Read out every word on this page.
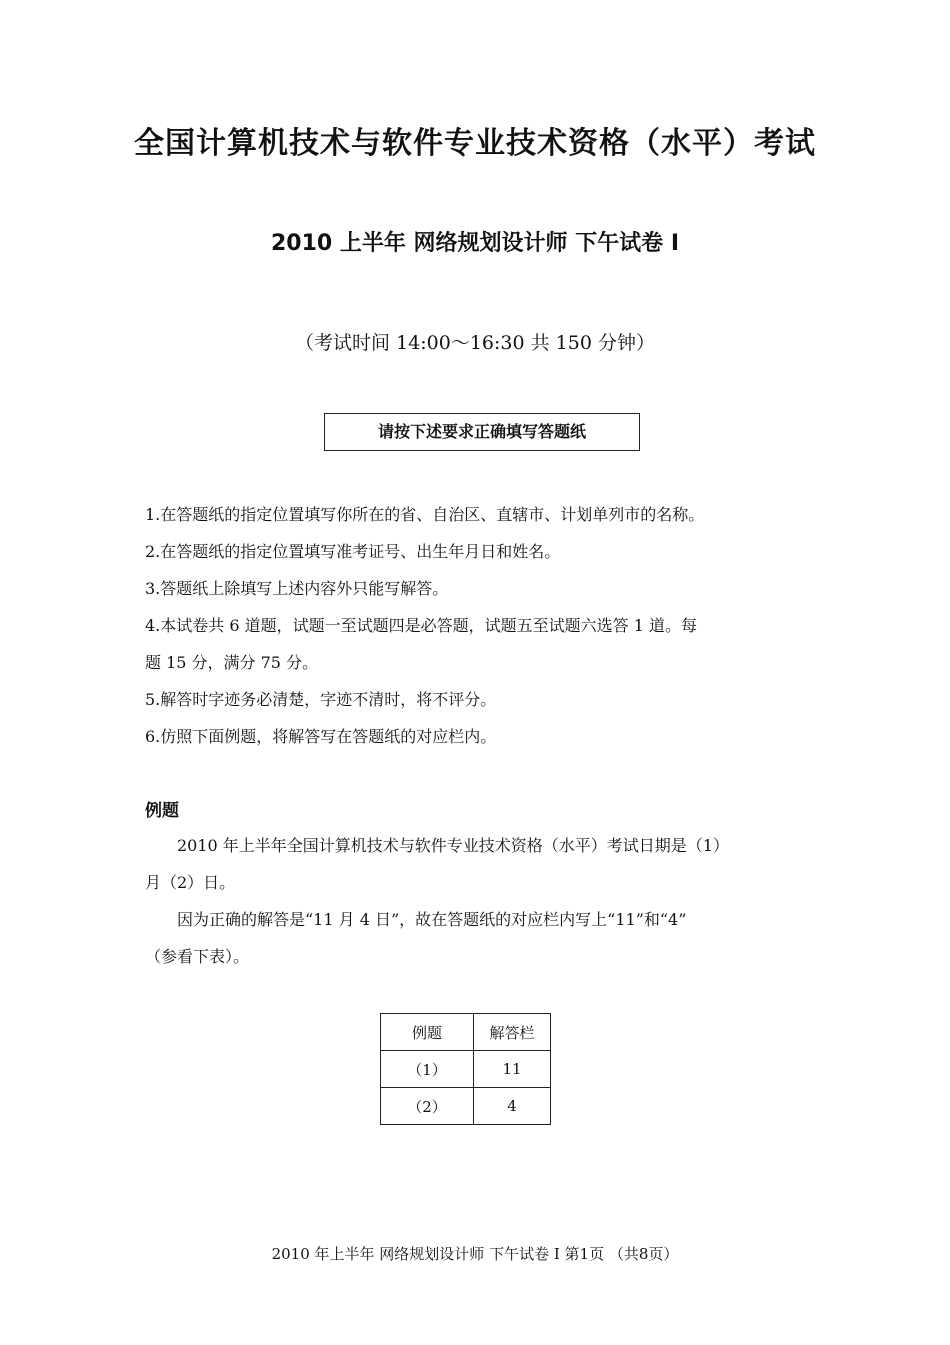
全国计算机技术与软件专业技术资格（水平）考试
2010 上半年 网络规划设计师 下午试卷 I
（考试时间 14:00～16:30 共 150 分钟）
请按下述要求正确填写答题纸
1.在答题纸的指定位置填写你所在的省、自治区、直辖市、计划单列市的名称。
2.在答题纸的指定位置填写准考证号、出生年月日和姓名。
3.答题纸上除填写上述内容外只能写解答。
4.本试卷共 6 道题，试题一至试题四是必答题，试题五至试题六选答 1 道。每
题 15 分，满分 75 分。
5.解答时字迹务必清楚，字迹不清时，将不评分。
6.仿照下面例题，将解答写在答题纸的对应栏内。
例题
2010 年上半年全国计算机技术与软件专业技术资格（水平）考试日期是（1）
月（2）日。
因为正确的解答是“11 月 4 日”，故在答题纸的对应栏内写上“11”和“4”
（参看下表）。
例题	解答栏
（1）	11
（2）	4
2010 年上半年 网络规划设计师 下午试卷 I 第1页 （共8页）
